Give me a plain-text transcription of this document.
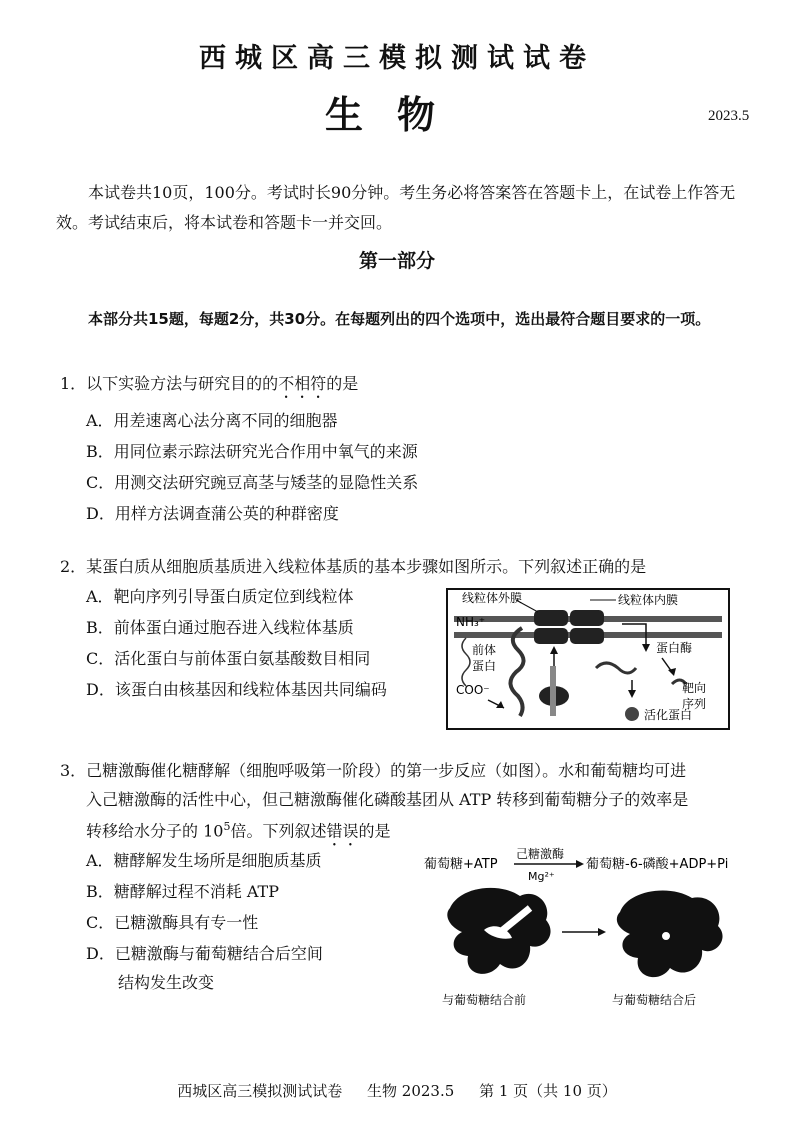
西城区高三模拟测试试卷
生物	2023.5
本试卷共10页，100分。考试时长90分钟。考生务必将答案答在答题卡上，在试卷上作答无效。考试结束后，将本试卷和答题卡一并交回。
第一部分
本部分共15题，每题2分，共30分。在每题列出的四个选项中，选出最符合题目要求的一项。
1．以下实验方法与研究目的的不相符的是
A．用差速离心法分离不同的细胞器
B．用同位素示踪法研究光合作用中氧气的来源
C．用测交法研究豌豆高茎与矮茎的显隐性关系
D．用样方法调查蒲公英的种群密度
2．某蛋白质从细胞质基质进入线粒体基质的基本步骤如图所示。下列叙述正确的是
A．靶向序列引导蛋白质定位到线粒体
B．前体蛋白通过胞吞进入线粒体基质
C．活化蛋白与前体蛋白氨基酸数目相同
D．该蛋白由核基因和线粒体基因共同编码
线粒体外膜	线粒体内膜
NH₃⁺
前体
蛋白
COO⁻
蛋白酶
靶向
序列
活化蛋白
3．己糖激酶催化糖酵解（细胞呼吸第一阶段）的第一步反应（如图）。水和葡萄糖均可进
入己糖激酶的活性中心，但己糖激酶催化磷酸基团从 ATP 转移到葡萄糖分子的效率是
转移给水分子的 $10^5$倍。下列叙述错误的是
A．糖酵解发生场所是细胞质基质
B．糖酵解过程不消耗 ATP
C．已糖激酶具有专一性
D．已糖激酶与葡萄糖结合后空间
结构发生改变
葡萄糖+ATP
己糖激酶
Mg²⁺
葡萄糖-6-磷酸+ADP+Pi
与葡萄糖结合前	与葡萄糖结合后
西城区高三模拟测试试卷 生物 2023.5 第 1 页（共 10 页）
